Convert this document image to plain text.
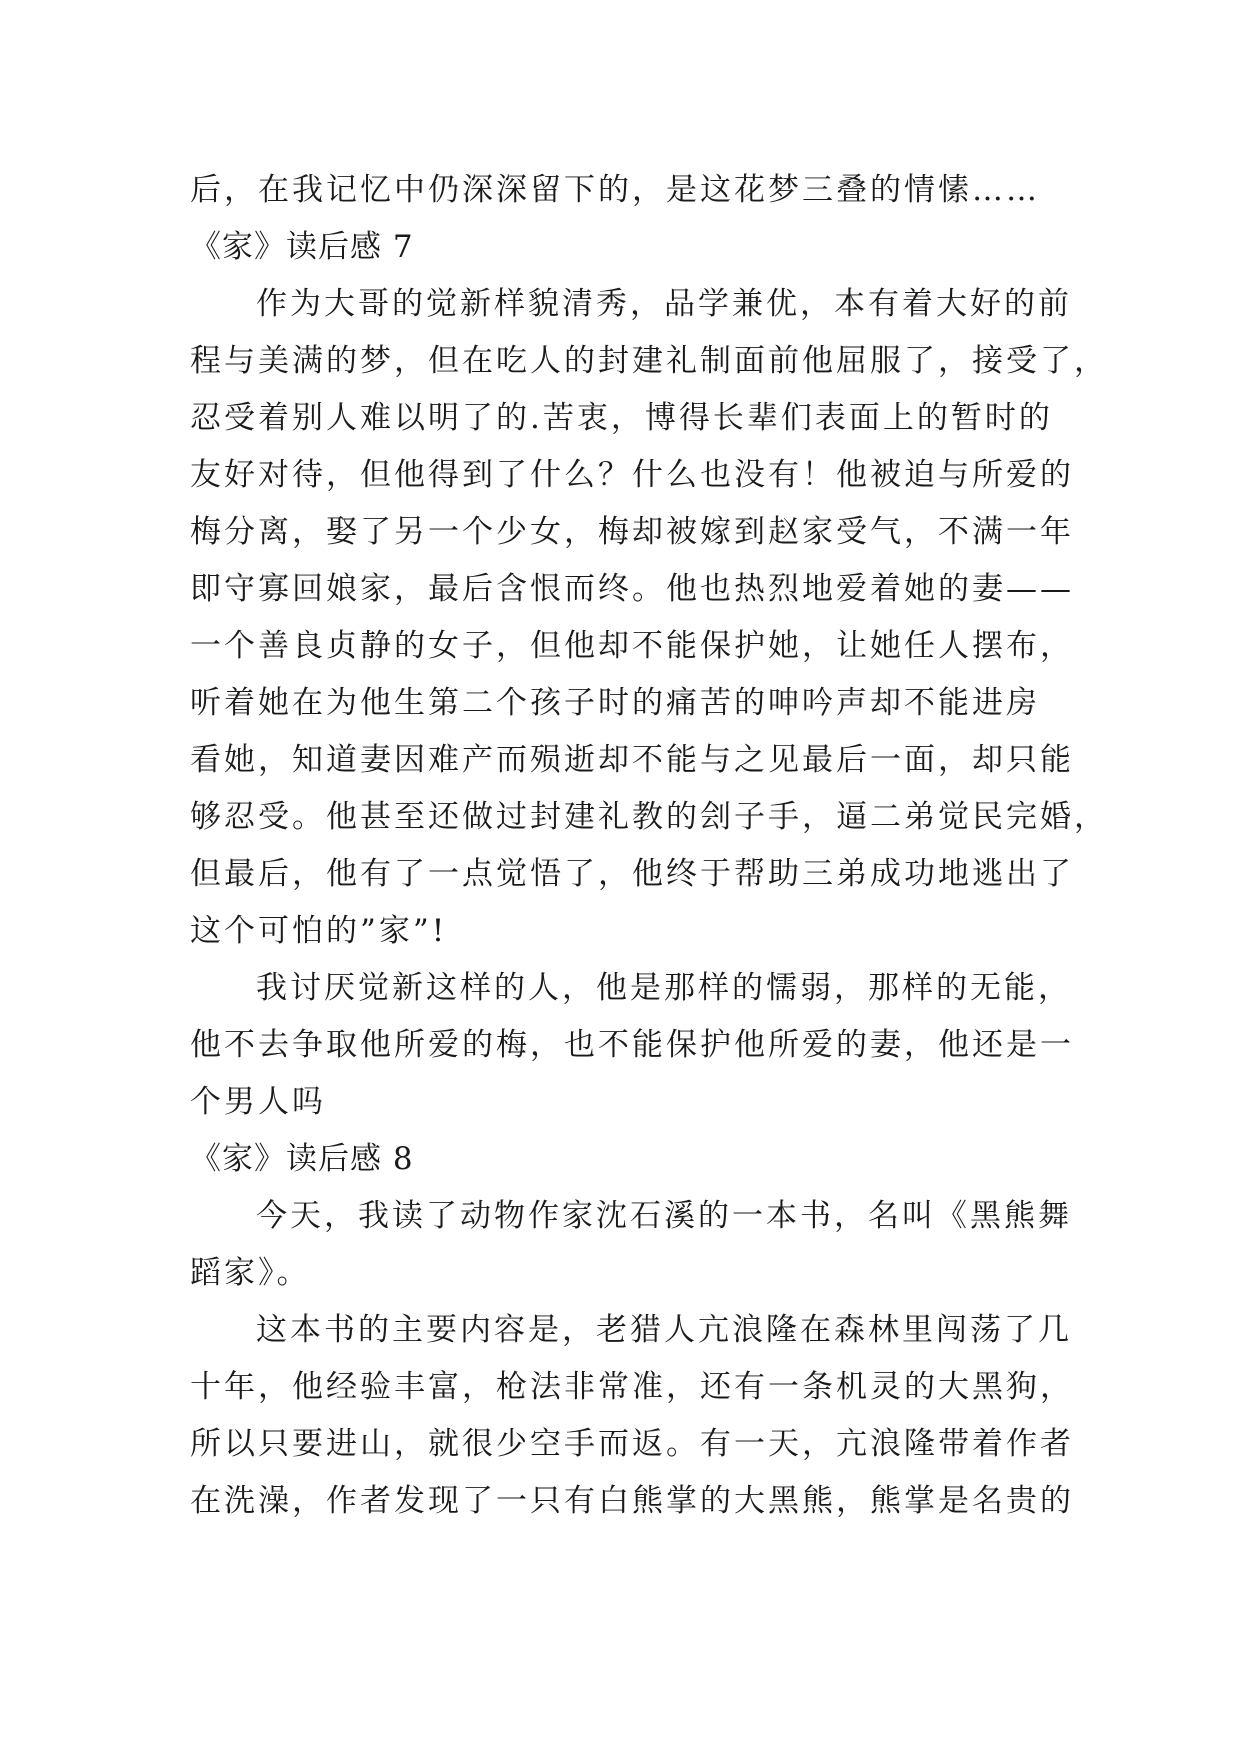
后，在我记忆中仍深深留下的，是这花梦三叠的情愫……
《家》读后感 7
作为大哥的觉新样貌清秀，品学兼优，本有着大好的前
程与美满的梦，但在吃人的封建礼制面前他屈服了，接受了，
忍受着别人难以明了的.苦衷，博得长辈们表面上的暂时的
友好对待，但他得到了什么？什么也没有！他被迫与所爱的
梅分离，娶了另一个少女，梅却被嫁到赵家受气，不满一年
即守寡回娘家，最后含恨而终。他也热烈地爱着她的妻——
一个善良贞静的女子，但他却不能保护她，让她任人摆布，
听着她在为他生第二个孩子时的痛苦的呻吟声却不能进房
看她，知道妻因难产而殒逝却不能与之见最后一面，却只能
够忍受。他甚至还做过封建礼教的刽子手，逼二弟觉民完婚，
但最后，他有了一点觉悟了，他终于帮助三弟成功地逃出了
这个可怕的”家”!
我讨厌觉新这样的人，他是那样的懦弱，那样的无能，
他不去争取他所爱的梅，也不能保护他所爱的妻，他还是一
个男人吗
《家》读后感 8
今天，我读了动物作家沈石溪的一本书，名叫《黑熊舞
蹈家》。
这本书的主要内容是，老猎人亢浪隆在森林里闯荡了几
十年，他经验丰富，枪法非常准，还有一条机灵的大黑狗，
所以只要进山，就很少空手而返。有一天，亢浪隆带着作者
在洗澡，作者发现了一只有白熊掌的大黑熊，熊掌是名贵的
